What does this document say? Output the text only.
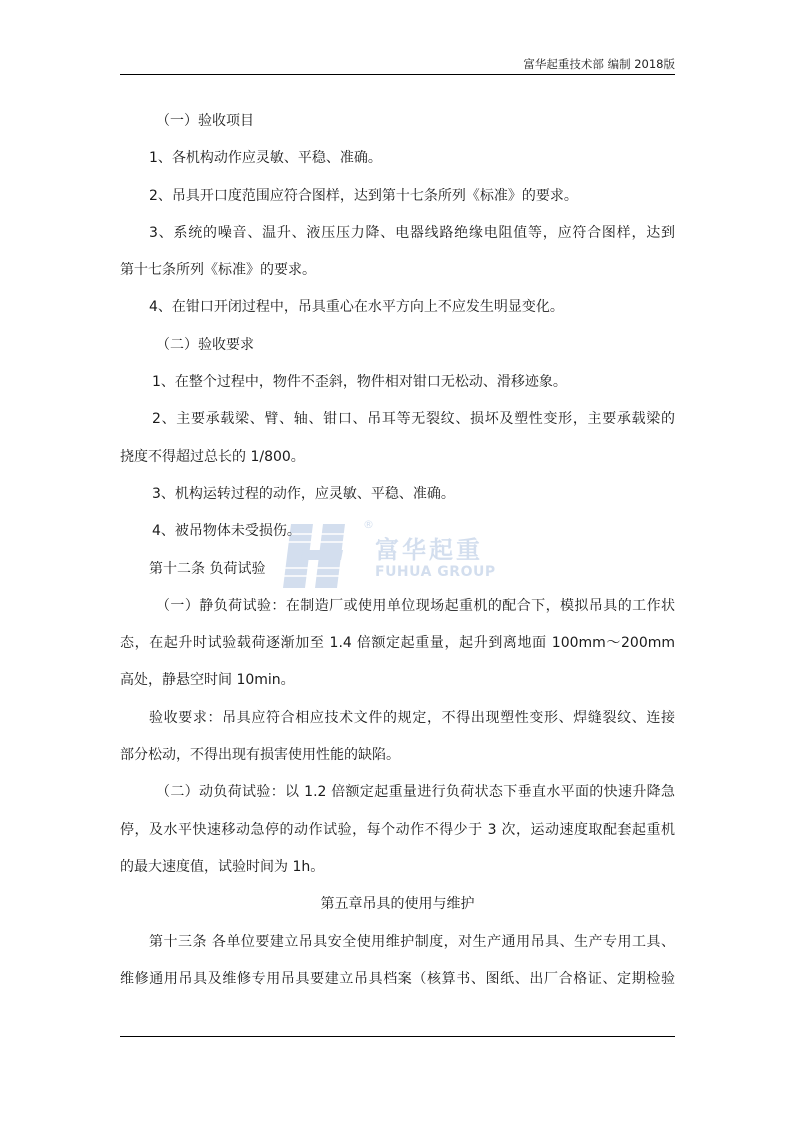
富华起重技术部 编制 2018版
®
富华起重
FUHUA GROUP
（一）验收项目
1、各机构动作应灵敏、平稳、准确。
2、吊具开口度范围应符合图样，达到第十七条所列《标准》的要求。
3、系统的噪音、温升、液压压力降、电器线路绝缘电阻值等，应符合图样，达到
第十七条所列《标准》的要求。
4、在钳口开闭过程中，吊具重心在水平方向上不应发生明显变化。
（二）验收要求
1、在整个过程中，物件不歪斜，物件相对钳口无松动、滑移迹象。
2、主要承载梁、臂、轴、钳口、吊耳等无裂纹、损坏及塑性变形，主要承载梁的
挠度不得超过总长的 1/800。
3、机构运转过程的动作，应灵敏、平稳、准确。
4、被吊物体未受损伤。
第十二条 负荷试验
（一）静负荷试验：在制造厂或使用单位现场起重机的配合下，模拟吊具的工作状
态，在起升时试验载荷逐渐加至 1.4 倍额定起重量，起升到离地面 100mm～200mm
高处，静悬空时间 10min。
验收要求：吊具应符合相应技术文件的规定，不得出现塑性变形、焊缝裂纹、连接
部分松动，不得出现有损害使用性能的缺陷。
（二）动负荷试验：以 1.2 倍额定起重量进行负荷状态下垂直水平面的快速升降急
停，及水平快速移动急停的动作试验，每个动作不得少于 3 次，运动速度取配套起重机
的最大速度值，试验时间为 1h。
第五章吊具的使用与维护
第十三条 各单位要建立吊具安全使用维护制度，对生产通用吊具、生产专用工具、
维修通用吊具及维修专用吊具要建立吊具档案（核算书、图纸、出厂合格证、定期检验
